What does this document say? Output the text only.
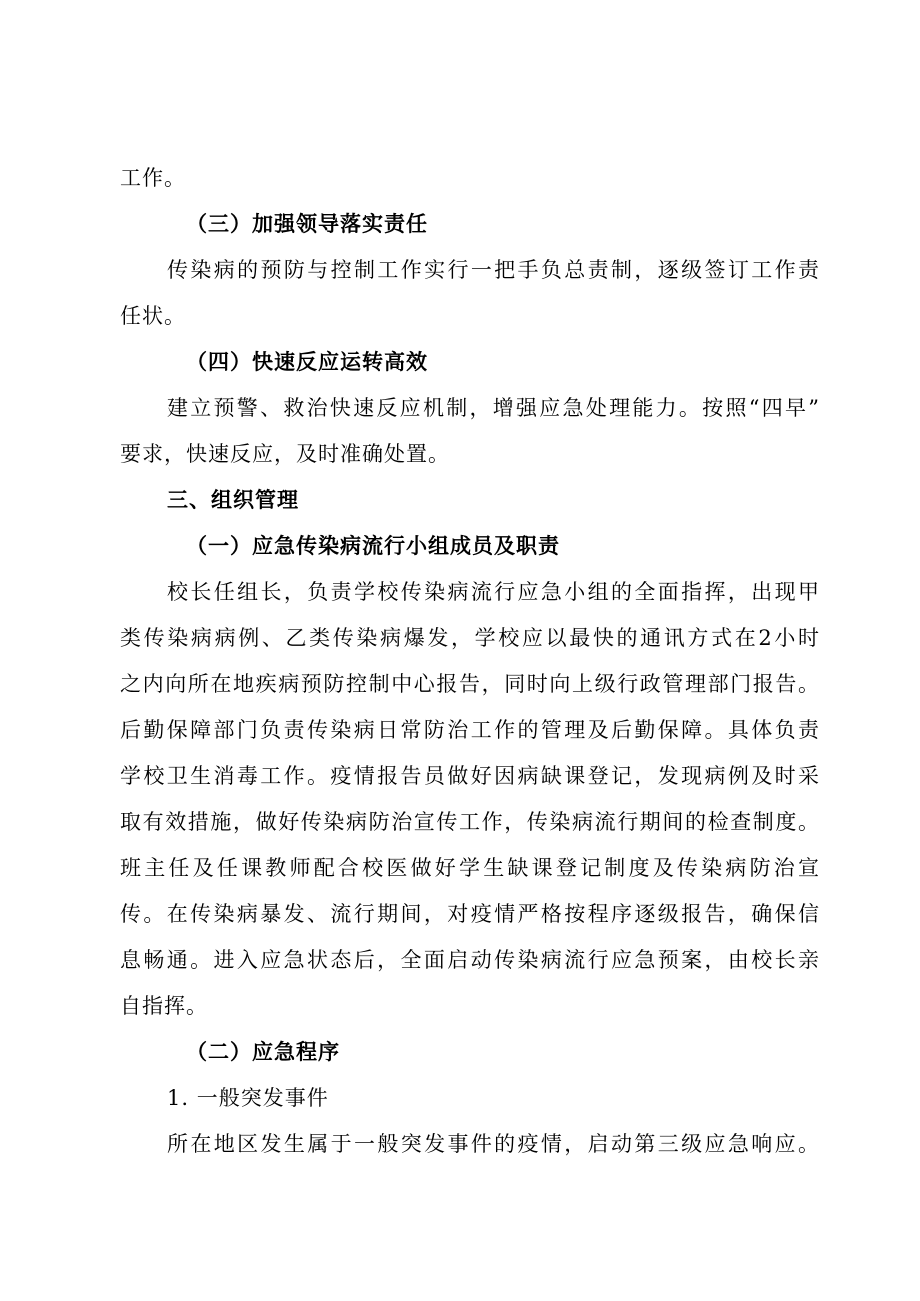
工作。
（三）加强领导落实责任
传染病的预防与控制工作实行一把手负总责制，逐级签订工作责
任状。
（四）快速反应运转高效
建立预警、救治快速反应机制，增强应急处理能力。按照“四早”
要求，快速反应，及时准确处置。
三、组织管理
（一）应急传染病流行小组成员及职责
校长任组长，负责学校传染病流行应急小组的全面指挥，出现甲
类传染病病例、乙类传染病爆发，学校应以最快的通讯方式在2小时
之内向所在地疾病预防控制中心报告，同时向上级行政管理部门报告。
后勤保障部门负责传染病日常防治工作的管理及后勤保障。具体负责
学校卫生消毒工作。疫情报告员做好因病缺课登记，发现病例及时采
取有效措施，做好传染病防治宣传工作，传染病流行期间的检查制度。
班主任及任课教师配合校医做好学生缺课登记制度及传染病防治宣
传。在传染病暴发、流行期间，对疫情严格按程序逐级报告，确保信
息畅通。进入应急状态后，全面启动传染病流行应急预案，由校长亲
自指挥。
（二）应急程序
1. 一般突发事件
所在地区发生属于一般突发事件的疫情，启动第三级应急响应。
